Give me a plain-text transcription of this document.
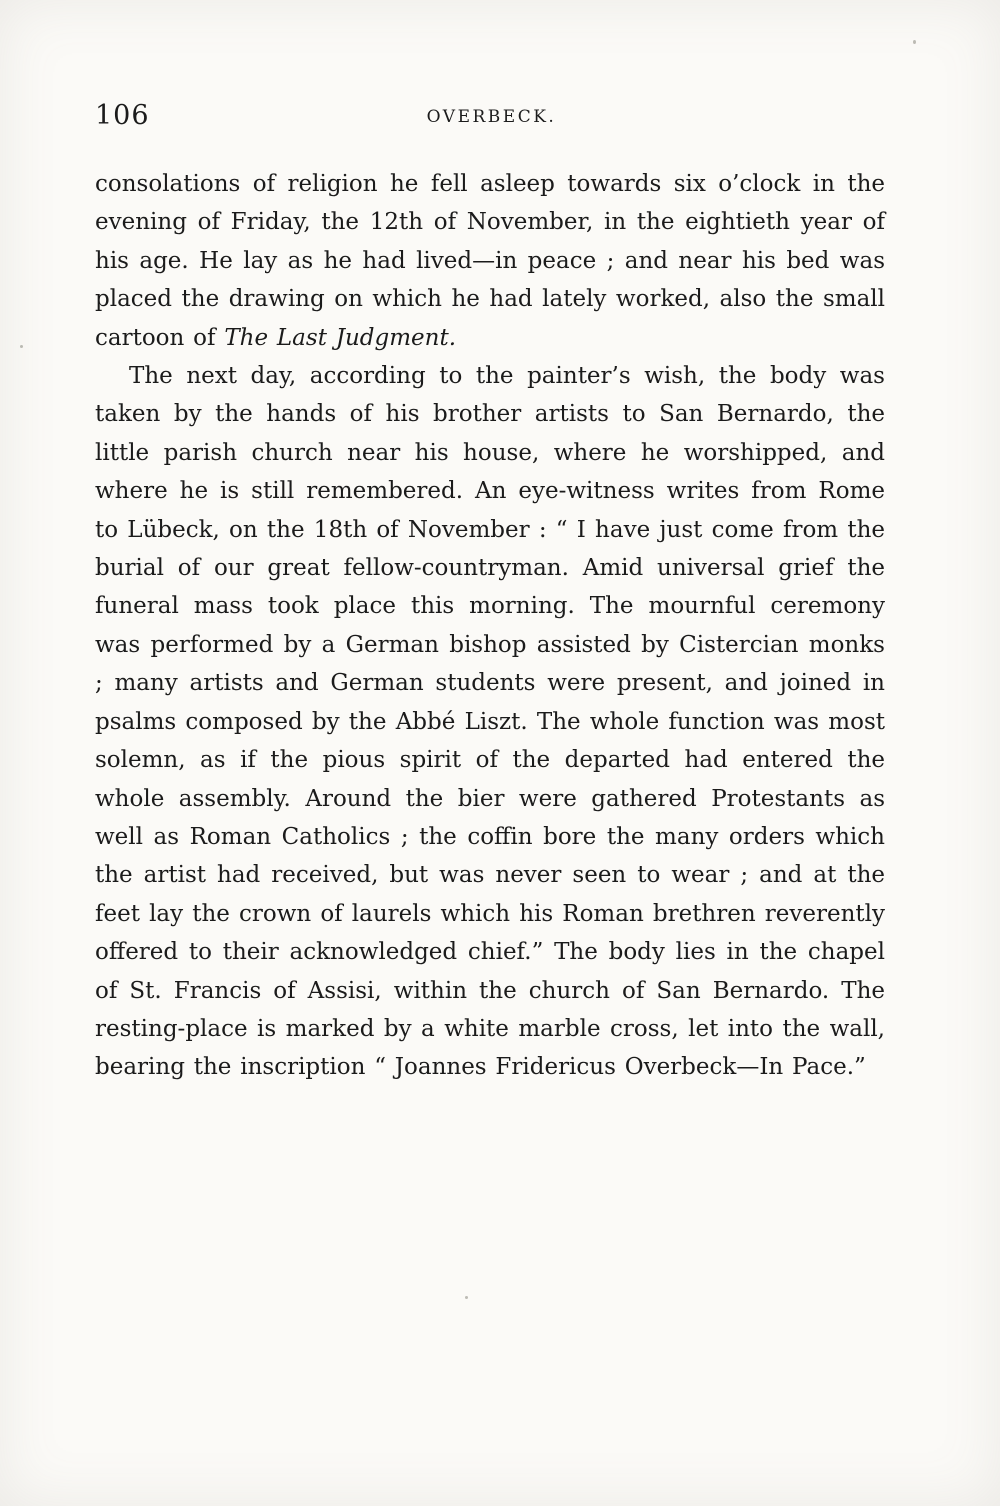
106	OVERBECK.

consolations of religion he fell asleep towards six o’clock in the evening of Friday, the 12th of November, in the eightieth year of his age. He lay as he had lived—in peace ; and near his bed was placed the drawing on which he had lately worked, also the small cartoon of The Last Judgment.

The next day, according to the painter’s wish, the body was taken by the hands of his brother artists to San Bernardo, the little parish church near his house, where he worshipped, and where he is still remembered. An eye-witness writes from Rome to Lübeck, on the 18th of November : “ I have just come from the burial of our great fellow-countryman. Amid universal grief the funeral mass took place this morning. The mournful ceremony was performed by a German bishop assisted by Cistercian monks ; many artists and German students were present, and joined in psalms composed by the Abbé Liszt. The whole function was most solemn, as if the pious spirit of the departed had entered the whole assembly. Around the bier were gathered Protestants as well as Roman Catholics ; the coffin bore the many orders which the artist had received, but was never seen to wear ; and at the feet lay the crown of laurels which his Roman brethren reverently offered to their acknowledged chief.” The body lies in the chapel of St. Francis of Assisi, within the church of San Bernardo. The resting-place is marked by a white marble cross, let into the wall, bearing the inscription “ Joannes Fridericus Overbeck—In Pace.”
